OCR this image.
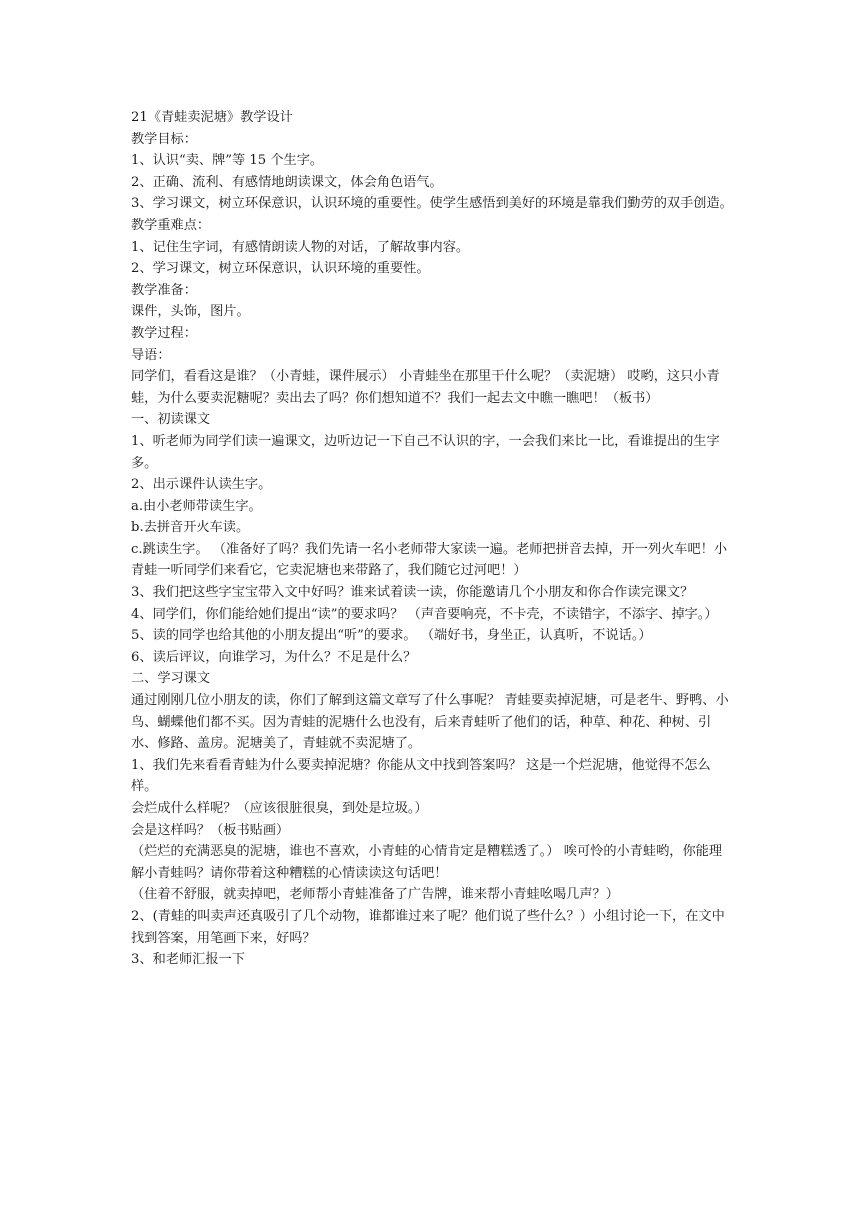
21《青蛙卖泥塘》教学设计

教学目标：

1、认识“卖、牌”等 15 个生字。

2、正确、流利、有感情地朗读课文，体会角色语气。

3、学习课文，树立环保意识，认识环境的重要性。使学生感悟到美好的环境是靠我们勤劳的双手创造。

教学重难点：

1、记住生字词，有感情朗读人物的对话，了解故事内容。

2、学习课文，树立环保意识，认识环境的重要性。

教学准备：

课件，头饰，图片。

教学过程：

导语：

同学们，看看这是谁？（小青蛙，课件展示） 小青蛙坐在那里干什么呢？（卖泥塘） 哎哟，这只小青蛙，为什么要卖泥糖呢？卖出去了吗？你们想知道不？我们一起去文中瞧一瞧吧！（板书）

一、初读课文

1、听老师为同学们读一遍课文，边听边记一下自己不认识的字，一会我们来比一比，看谁提出的生字多。

2、出示课件认读生字。

a.由小老师带读生字。

b.去拼音开火车读。

c.跳读生字。 （准备好了吗？我们先请一名小老师带大家读一遍。老师把拼音去掉，开一列火车吧！小青蛙一听同学们来看它，它卖泥塘也来带路了，我们随它过河吧！）

3、我们把这些字宝宝带入文中好吗？谁来试着读一读，你能邀请几个小朋友和你合作读完课文？

4、同学们，你们能给她们提出“读”的要求吗？ （声音要响亮，不卡壳，不读错字，不添字、掉字。）

5、读的同学也给其他的小朋友提出“听”的要求。 （端好书，身坐正，认真听，不说话。）

6、读后评议，向谁学习，为什么？不足是什么？

二、学习课文

通过刚刚几位小朋友的读，你们了解到这篇文章写了什么事呢？ 青蛙要卖掉泥塘，可是老牛、野鸭、小鸟、蝴蝶他们都不买。因为青蛙的泥塘什么也没有，后来青蛙听了他们的话，种草、种花、种树、引水、修路、盖房。泥塘美了，青蛙就不卖泥塘了。

1、我们先来看看青蛙为什么要卖掉泥塘？你能从文中找到答案吗？ 这是一个烂泥塘，他觉得不怎么样。

会烂成什么样呢？（应该很脏很臭，到处是垃圾。）

会是这样吗？（板书贴画）

（烂烂的充满恶臭的泥塘，谁也不喜欢，小青蛙的心情肯定是糟糕透了。） 唉可怜的小青蛙哟，你能理解小青蛙吗？请你带着这种糟糕的心情读读这句话吧！

（住着不舒服，就卖掉吧，老师帮小青蛙准备了广告牌，谁来帮小青蛙吆喝几声？）

2、(青蛙的叫卖声还真吸引了几个动物，谁都谁过来了呢？他们说了些什么？）小组讨论一下，在文中找到答案，用笔画下来，好吗？

3、和老师汇报一下
